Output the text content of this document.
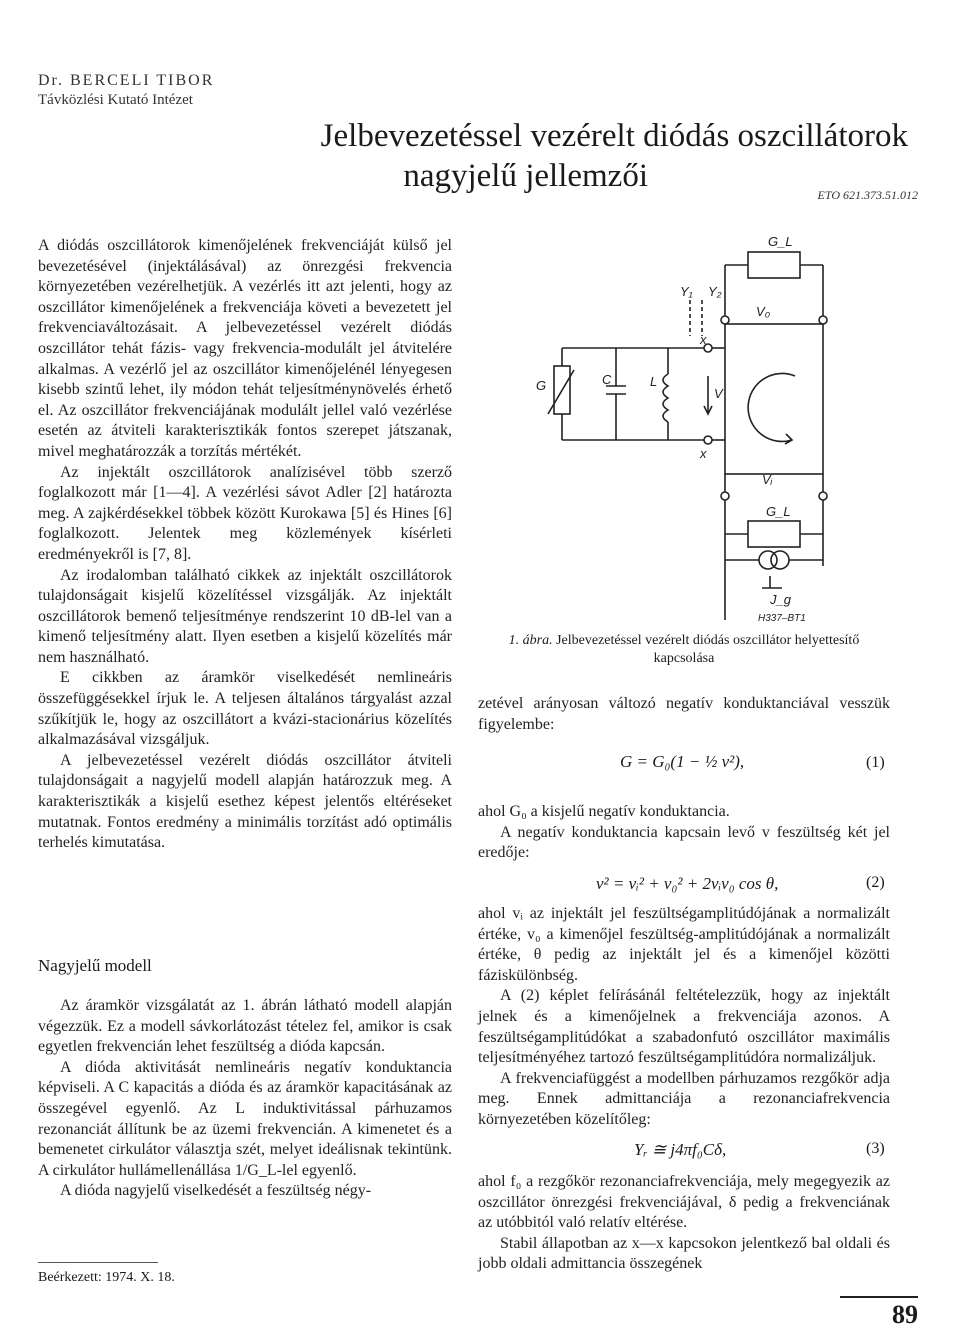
Dr. BERCELI TIBOR
Távközlési Kutató Intézet
Jelbevezetéssel vezérelt diódás oszcillátorok
nagyjelű jellemzői
ETO 621.373.51.012

A diódás oszcillátorok kimenőjelének frekvenciáját külső jel bevezetésével (injektálásával) az önrezgési frekvencia környezetében vezérelhetjük. A vezérlés itt azt jelenti, hogy az oszcillátor kimenőjelének a frekvenciája követi a bevezetett jel frekvenciaváltozásait. A jelbevezetéssel vezérelt diódás oszcillátor tehát fázis- vagy frekvencia-modulált jel átvitelére alkalmas. A vezérlő jel az oszcillátor kimenőjelénél lényegesen kisebb szintű lehet, ily módon tehát teljesítménynövelés érhető el. Az oszcillátor frekvenciájának modulált jellel való vezérlése esetén az átviteli karakterisztikák fontos szerepet játszanak, mivel meghatározzák a torzítás mértékét.

Az injektált oszcillátorok analízisével több szerző foglalkozott már [1—4]. A vezérlési sávot Adler [2] határozta meg. A zajkérdésekkel többek között Kurokawa [5] és Hines [6] foglalkozott. Jelentek meg közlemények kísérleti eredményekről is [7, 8].

Az irodalomban található cikkek az injektált oszcillátorok tulajdonságait kisjelű közelítéssel vizsgálják. Az injektált oszcillátorok bemenő teljesítménye rendszerint 10 dB-lel van a kimenő teljesítmény alatt. Ilyen esetben a kisjelű közelítés már nem használható.

E cikkben az áramkör viselkedését nemlineáris összefüggésekkel írjuk le. A teljesen általános tárgyalást azzal szűkítjük le, hogy az oszcillátort a kvázi-stacionárius közelítés alkalmazásával vizsgáljuk.

A jelbevezetéssel vezérelt diódás oszcillátor átviteli tulajdonságait a nagyjelű modell alapján határozzuk meg. A karakterisztikák a kisjelű esethez képest jelentős eltéréseket mutatnak. Fontos eredmény a minimális torzítást adó optimális terhelés kimutatása.

Nagyjelű modell

Az áramkör vizsgálatát az 1. ábrán látható modell alapján végezzük. Ez a modell sávkorlátozást tételez fel, amikor is csak egyetlen frekvencián lehet feszültség a dióda kapcsán.

A dióda aktivitását nemlineáris negatív konduktancia képviseli. A C kapacitás a dióda és az áramkör kapacitásának az összegével egyenlő. Az L induktivitással párhuzamos rezonanciát állítunk be az üzemi frekvencián. A kimenetet és a bemenetet cirkulátor választja szét, melyet ideálisnak tekintünk. A cirkulátor hullámellenállása 1/G_L-lel egyenlő.

A dióda nagyjelű viselkedését a feszültség négy-

Beérkezett: 1974. X. 18.
G_L
Y₁ Y₂
V₀
x
x
G	C	L
V
Vᵢ
G_L
J_g
H337–BT1
1. ábra. Jelbevezetéssel vezérelt diódás oszcillátor helyettesítő kapcsolása

zetével arányosan változó negatív konduktanciával vesszük figyelembe:

G = G₀(1 − ½ v²),	(1)

ahol G₀ a kisjelű negatív konduktancia.

A negatív konduktancia kapcsain levő v feszültség két jel eredője:

v² = vᵢ² + v₀² + 2vᵢv₀ cos θ,	(2)

ahol vᵢ az injektált jel feszültségamplitúdójának a normalizált értéke, v₀ a kimenőjel feszültség-amplitúdójának a normalizált értéke, θ pedig az injektált jel és a kimenőjel közötti fáziskülönbség.

A (2) képlet felírásánál feltételezzük, hogy az injektált jelnek és a kimenőjelnek a frekvenciája azonos. A feszültségamplitúdókat a szabadonfutó oszcillátor maximális teljesítményéhez tartozó feszültségamplitúdóra normalizáljuk.

A frekvenciafüggést a modellben párhuzamos rezgőkör adja meg. Ennek admittanciája a rezonanciafrekvencia környezetében közelítőleg:

Yᵣ ≅ j4πf₀Cδ,	(3)

ahol f₀ a rezgőkör rezonanciafrekvenciája, mely megegyezik az oszcillátor önrezgési frekvenciájával, δ pedig a frekvenciának az utóbbitól való relatív eltérése.

Stabil állapotban az x—x kapcsokon jelentkező bal oldali és jobb oldali admittancia összegének

89
